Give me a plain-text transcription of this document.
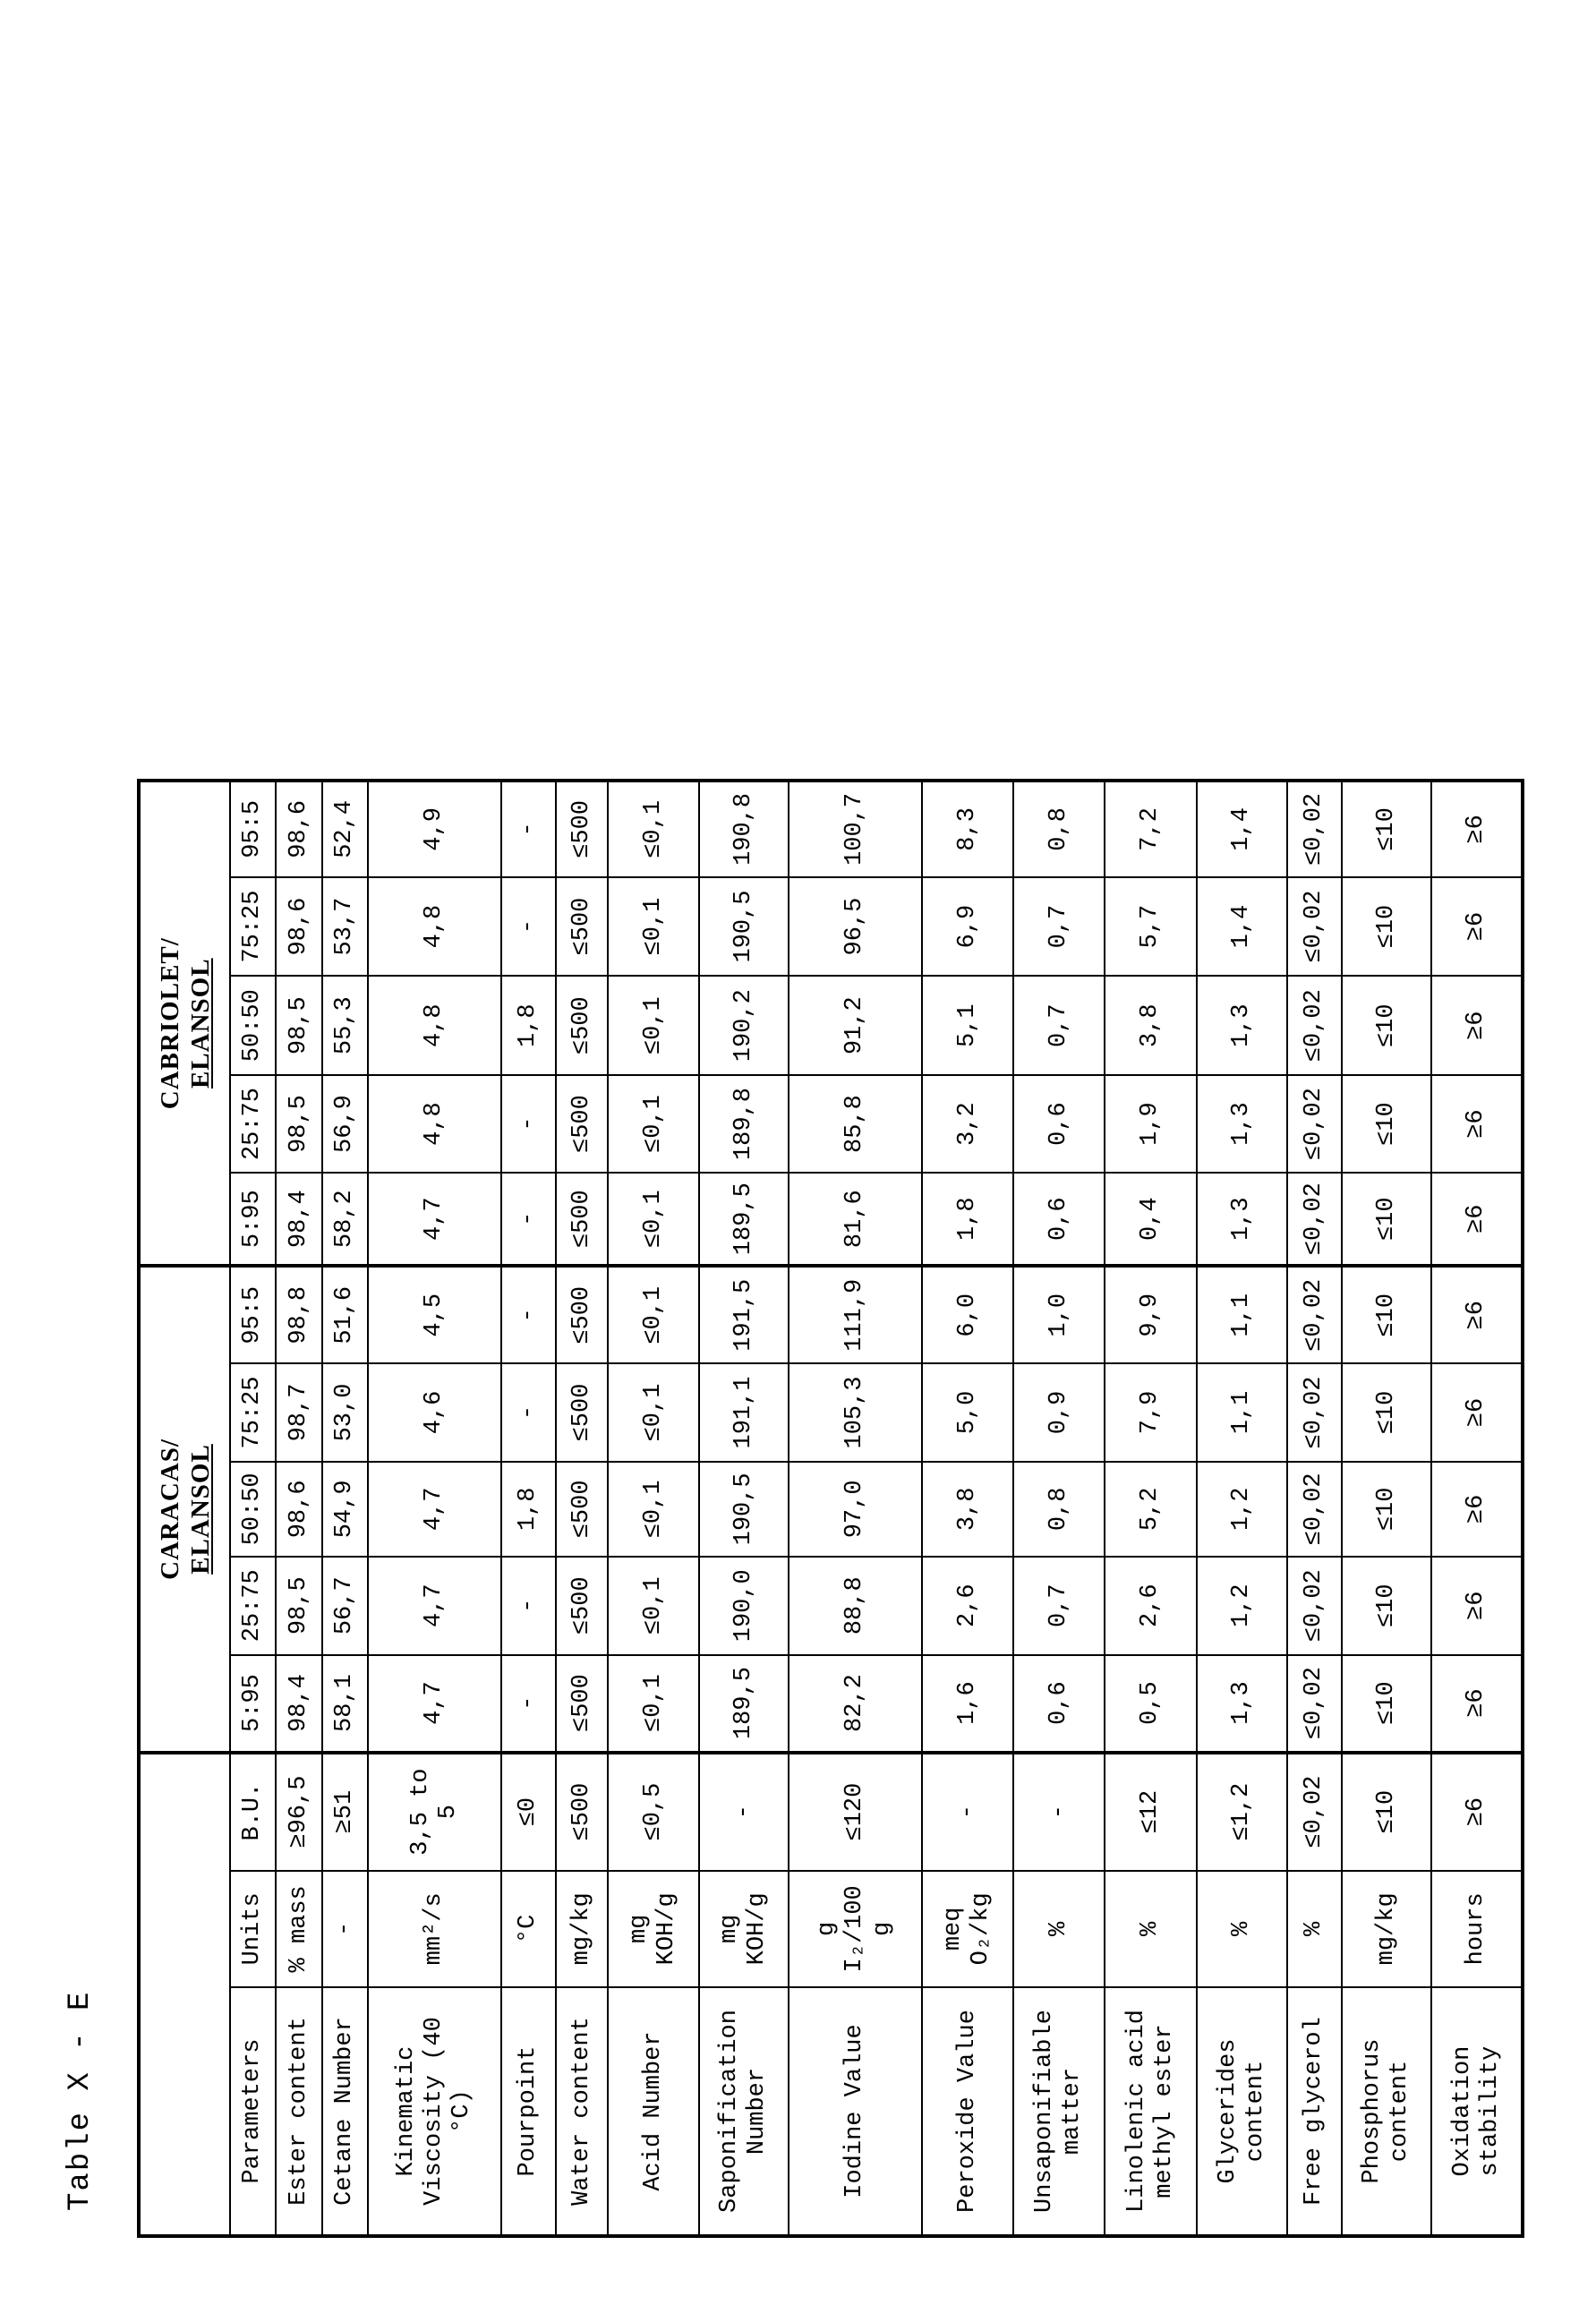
Table X - E

CARACAS/ ELANSOL

CABRIOLET/ ELANSOL

Parameters	Units	B.U.	5:95	25:75	50:50	75:25	95:5	5:95	25:75	50:50	75:25	95:5
Ester content	% mass	≥96,5	98,4	98,5	98,6	98,7	98,8	98,4	98,5	98,5	98,6	98,6
Cetane Number	-	≥51	58,1	56,7	54,9	53,0	51,6	58,2	56,9	55,3	53,7	52,4
Kinematic Viscosity (40 °C)	mm²/s	3,5 to 5	4,7	4,7	4,7	4,6	4,5	4,7	4,8	4,8	4,8	4,9
Pourpoint	°C	≤0	-	-	1,8	-	-	-	-	1,8	-	-
Water content	mg/kg	≤500	≤500	≤500	≤500	≤500	≤500	≤500	≤500	≤500	≤500	≤500
Acid Number	mg KOH/g	≤0,5	≤0,1	≤0,1	≤0,1	≤0,1	≤0,1	≤0,1	≤0,1	≤0,1	≤0,1	≤0,1
Saponification Number	mg KOH/g	-	189,5	190,0	190,5	191,1	191,5	189,5	189,8	190,2	190,5	190,8
Iodine Value	g I₂/100 g	≤120	82,2	88,8	97,0	105,3	111,9	81,6	85,8	91,2	96,5	100,7
Peroxide Value	meq O₂/kg	-	1,6	2,6	3,8	5,0	6,0	1,8	3,2	5,1	6,9	8,3
Unsaponifiable matter	%	-	0,6	0,7	0,8	0,9	1,0	0,6	0,6	0,7	0,7	0,8
Linolenic acid methyl ester	%	≤12	0,5	2,6	5,2	7,9	9,9	0,4	1,9	3,8	5,7	7,2
Glycerides content	%	≤1,2	1,3	1,2	1,2	1,1	1,1	1,3	1,3	1,3	1,4	1,4
Free glycerol	%	≤0,02	≤0,02	≤0,02	≤0,02	≤0,02	≤0,02	≤0,02	≤0,02	≤0,02	≤0,02	≤0,02
Phosphorus content	mg/kg	≤10	≤10	≤10	≤10	≤10	≤10	≤10	≤10	≤10	≤10	≤10
Oxidation stability	hours	≥6	≥6	≥6	≥6	≥6	≥6	≥6	≥6	≥6	≥6	≥6
